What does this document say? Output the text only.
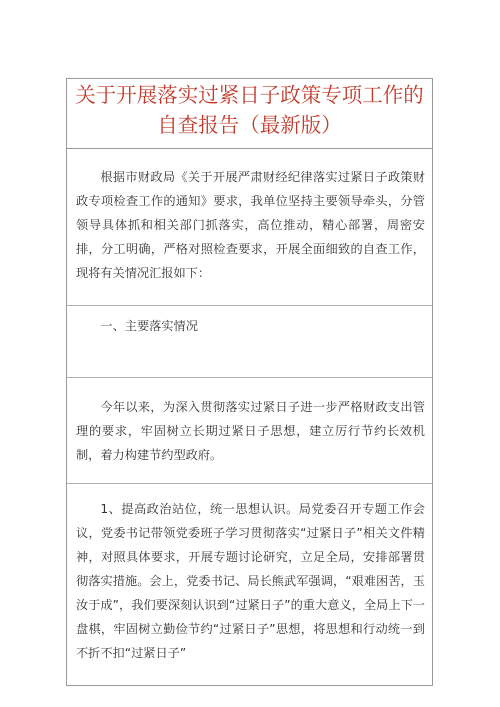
关于开展落实过紧日子政策专项工作的
自查报告（最新版）

根据市财政局《关于开展严肃财经纪律落实过紧日子政策财政专项检查工作的通知》要求，我单位坚持主要领导牵头，分管领导具体抓和相关部门抓落实，高位推动，精心部署，周密安排，分工明确，严格对照检查要求，开展全面细致的自查工作，现将有关情况汇报如下：

一、主要落实情况

今年以来，为深入贯彻落实过紧日子进一步严格财政支出管理的要求，牢固树立长期过紧日子思想，建立厉行节约长效机制，着力构建节约型政府。

1、提高政治站位，统一思想认识。局党委召开专题工作会议，党委书记带领党委班子学习贯彻落实“过紧日子”相关文件精神，对照具体要求，开展专题讨论研究，立足全局，安排部署贯彻落实措施。会上，党委书记、局长熊武军强调，“艰难困苦，玉汝于成”，我们要深刻认识到“过紧日子”的重大意义，全局上下一盘棋，牢固树立勤俭节约“过紧日子”思想，将思想和行动统一到不折不扣“过紧日子”
